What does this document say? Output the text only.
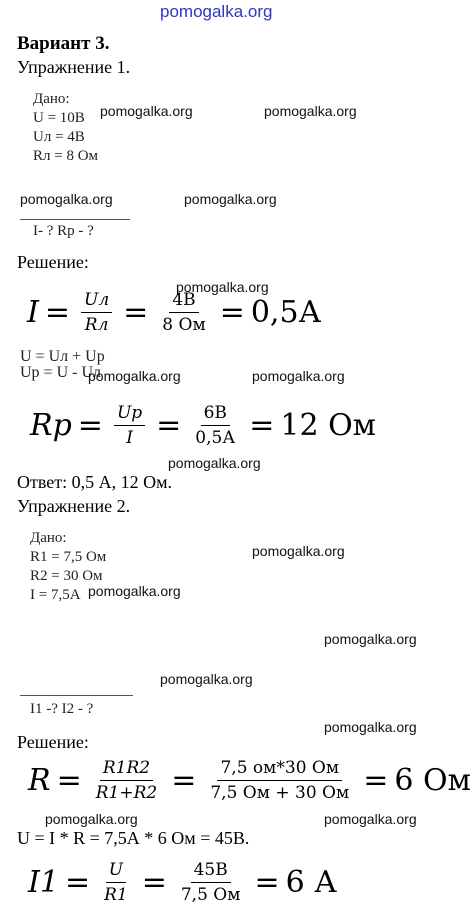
pomogalka.org
Вариант 3.
Упражнение 1.
Дано:
U = 10В
Uл = 4В
Rл = 8 Ом
pomogalka.org	pomogalka.org
pomogalka.org	pomogalka.org
I- ? Rр - ?
Решение:
pomogalka.org
$I = \frac{Uл}{Rл} = \frac{4В}{8 Ом} = 0,5А$
U = Uл + Uр
Uр = U - Uл
pomogalka.org	pomogalka.org
$Rp = \frac{Up}{I} = \frac{6В}{0,5А} = 12$ Ом
pomogalka.org
Ответ: 0,5 А, 12 Ом.
Упражнение 2.
Дано:
R1 = 7,5 Ом
R2 = 30 Ом
I = 7,5А
pomogalka.org
pomogalka.org
pomogalka.org
pomogalka.org
I1 -? I2 - ?
pomogalka.org
Решение:
$R = \frac{R1R2}{R1+R2} = \frac{7,5 ом*30 Ом}{7,5 Ом + 30 Ом} = 6$ Ом
pomogalka.org	pomogalka.org
U = I * R = 7,5А * 6 Ом = 45В.
$I1 = \frac{U}{R1} = \frac{45В}{7,5 Ом} = 6$ А
